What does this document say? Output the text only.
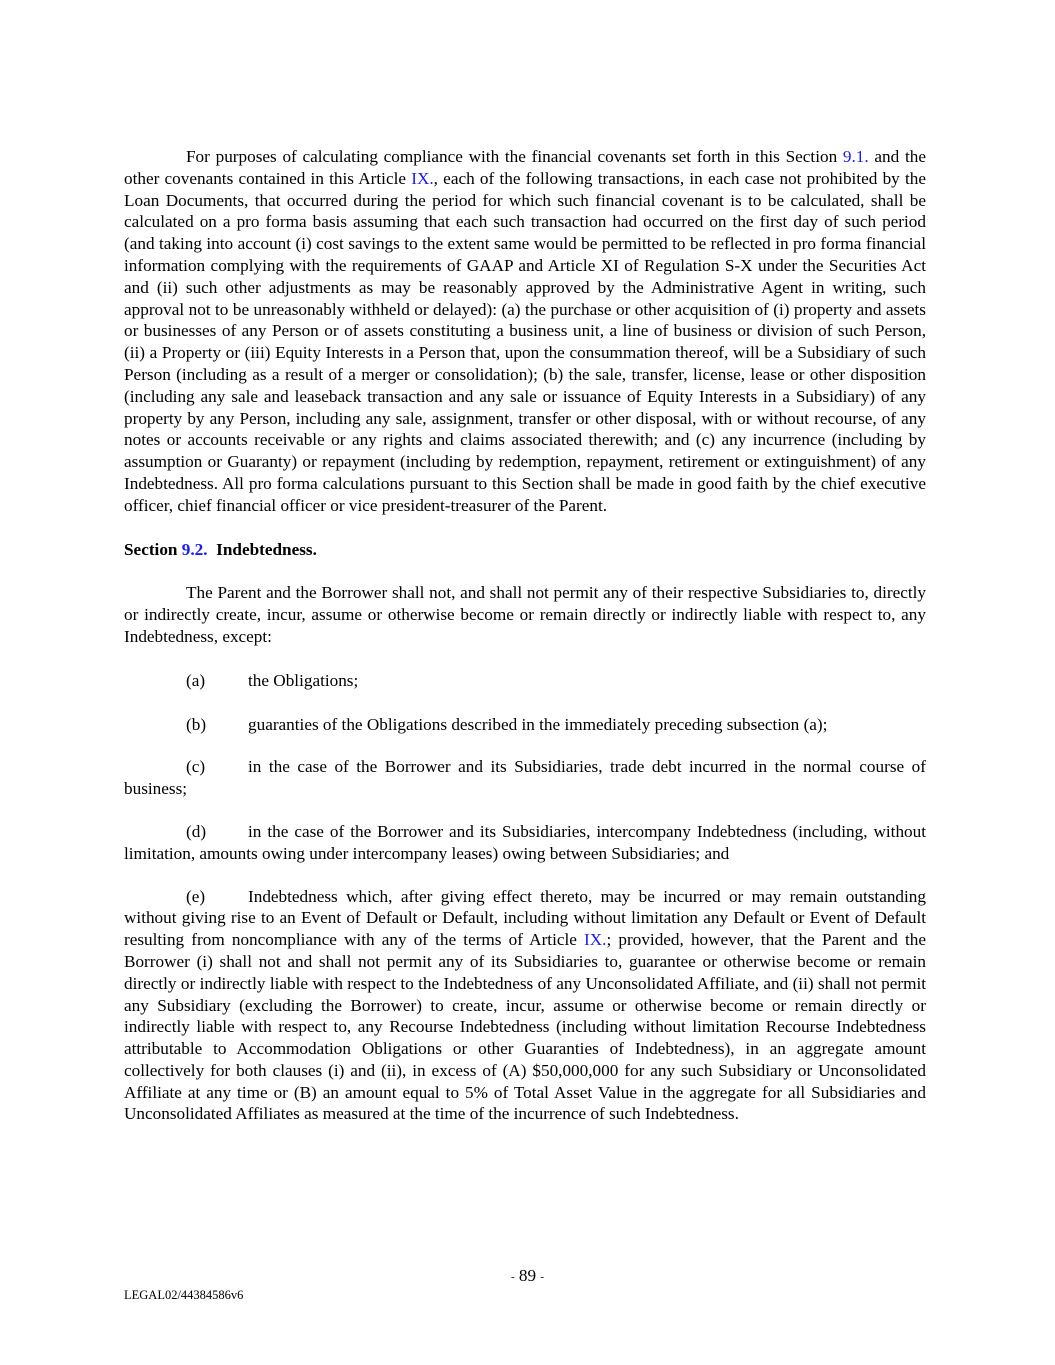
For purposes of calculating compliance with the financial covenants set forth in this Section 9.1. and the other covenants contained in this Article IX., each of the following transactions, in each case not prohibited by the Loan Documents, that occurred during the period for which such financial covenant is to be calculated, shall be calculated on a pro forma basis assuming that each such transaction had occurred on the first day of such period (and taking into account (i) cost savings to the extent same would be permitted to be reflected in pro forma financial information complying with the requirements of GAAP and Article XI of Regulation S-X under the Securities Act and (ii) such other adjustments as may be reasonably approved by the Administrative Agent in writing, such approval not to be unreasonably withheld or delayed): (a) the purchase or other acquisition of (i) property and assets or businesses of any Person or of assets constituting a business unit, a line of business or division of such Person, (ii) a Property or (iii) Equity Interests in a Person that, upon the consummation thereof, will be a Subsidiary of such Person (including as a result of a merger or consolidation); (b) the sale, transfer, license, lease or other disposition (including any sale and leaseback transaction and any sale or issuance of Equity Interests in a Subsidiary) of any property by any Person, including any sale, assignment, transfer or other disposal, with or without recourse, of any notes or accounts receivable or any rights and claims associated therewith; and (c) any incurrence (including by assumption or Guaranty) or repayment (including by redemption, repayment, retirement or extinguishment) of any Indebtedness. All pro forma calculations pursuant to this Section shall be made in good faith by the chief executive officer, chief financial officer or vice president-treasurer of the Parent.

Section 9.2.  Indebtedness.

The Parent and the Borrower shall not, and shall not permit any of their respective Subsidiaries to, directly or indirectly create, incur, assume or otherwise become or remain directly or indirectly liable with respect to, any Indebtedness, except:

(a) the Obligations;

(b) guaranties of the Obligations described in the immediately preceding subsection (a);

(c) in the case of the Borrower and its Subsidiaries, trade debt incurred in the normal course of business;

(d) in the case of the Borrower and its Subsidiaries, intercompany Indebtedness (including, without limitation, amounts owing under intercompany leases) owing between Subsidiaries; and

(e) Indebtedness which, after giving effect thereto, may be incurred or may remain outstanding without giving rise to an Event of Default or Default, including without limitation any Default or Event of Default resulting from noncompliance with any of the terms of Article IX.; provided, however, that the Parent and the Borrower (i) shall not and shall not permit any of its Subsidiaries to, guarantee or otherwise become or remain directly or indirectly liable with respect to the Indebtedness of any Unconsolidated Affiliate, and (ii) shall not permit any Subsidiary (excluding the Borrower) to create, incur, assume or otherwise become or remain directly or indirectly liable with respect to, any Recourse Indebtedness (including without limitation Recourse Indebtedness attributable to Accommodation Obligations or other Guaranties of Indebtedness), in an aggregate amount collectively for both clauses (i) and (ii), in excess of (A) $50,000,000 for any such Subsidiary or Unconsolidated Affiliate at any time or (B) an amount equal to 5% of Total Asset Value in the aggregate for all Subsidiaries and Unconsolidated Affiliates as measured at the time of the incurrence of such Indebtedness.

- 89 -
LEGAL02/44384586v6
